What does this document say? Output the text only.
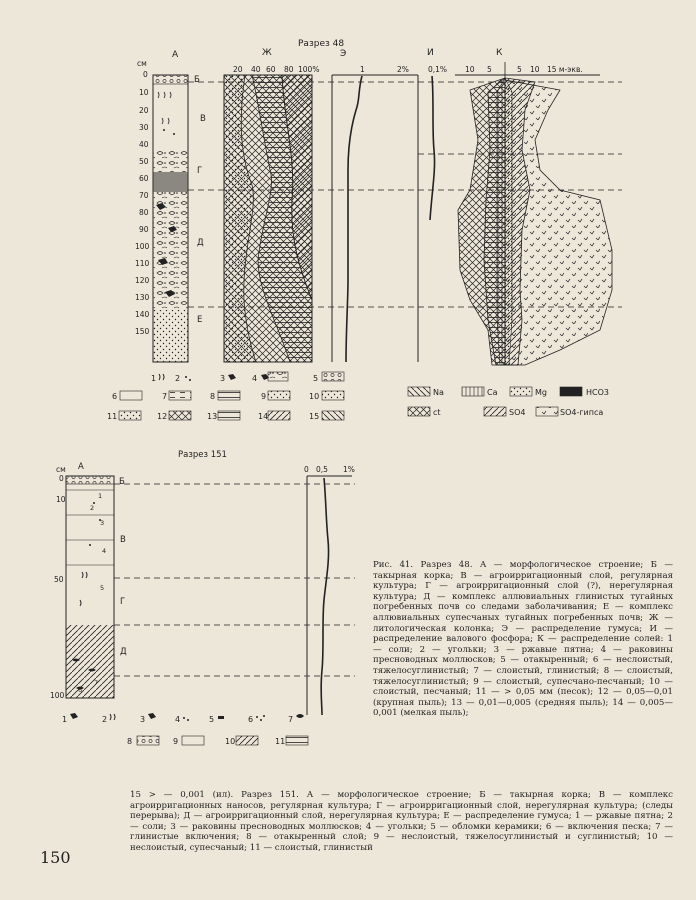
Разрез 48
А	Ж	Э	И	К
см
0
10
20
30
40
50
60
70
80
90
100
110
120
130
140
150
Б
В
Г
Д
Е
20 40 60 80 100%	1	2%	0,1% 10 5	5 10 15 м-экв.
1 2	3	4	5
6	7	8	9	10
11	12	13	14	15
Na	Ca	Mg	HCO3
ct	SO4	SO4-гипса
Разрез 151
А
см
0
10
50
100
1
2
3
4
5
6
7
Б
В
Г
Д
0 0,5 1%
1	2	3	4	5	6	7
8	9	10	11

Рис. 41. Разрез 48. А — морфологическое строение; Б — такырная корка; В — агроирригационный слой, регулярная культура; Г — агроирригационный слой (?), нерегулярная культура; Д — комплекс аллювиальных глинистых тугайных погребенных почв со следами заболачивания; Е — комплекс аллювиальных супесчаных тугайных погребенных почв; Ж — литологическая колонка; Э — распределение гумуса; И — распределение валового фосфора; К — распределение солей: 1 — соли; 2 — угольки; 3 — ржавые пятна; 4 — раковины пресноводных моллюсков; 5 — отакыренный; 6 — неслоистый, тяжелосуглинистый; 7 — слоистый, глинистый; 8 — слоистый, тяжелосуглинистый; 9 — слоистый, супесчано-песчаный; 10 — слоистый, песчаный; 11 — > 0,05 мм (песок); 12 — 0,05—0,01 (крупная пыль); 13 — 0,01—0,005 (средняя пыль); 14 — 0,005—0,001 (мелкая пыль);

15 > — 0,001 (ил). Разрез 151. А — морфологическое строение; Б — такырная корка; В — комплекс агроирригационных наносов, регулярная культура; Г — агроирригационный слой, нерегулярная культура; (следы перерыва); Д — агроирригационный слой, нерегулярная культура; Е — распределение гумуса; 1 — ржавые пятна; 2 — соли; 3 — раковины пресноводных моллюсков; 4 — угольки; 5 — обломки керамики; 6 — включения песка; 7 — глинистые включения; 8 — отакыренный слой; 9 — неслоистый, тяжелосуглинистый и суглинистый; 10 — неслоистый, супесчаный; 11 — слоистый, глинистый

150
